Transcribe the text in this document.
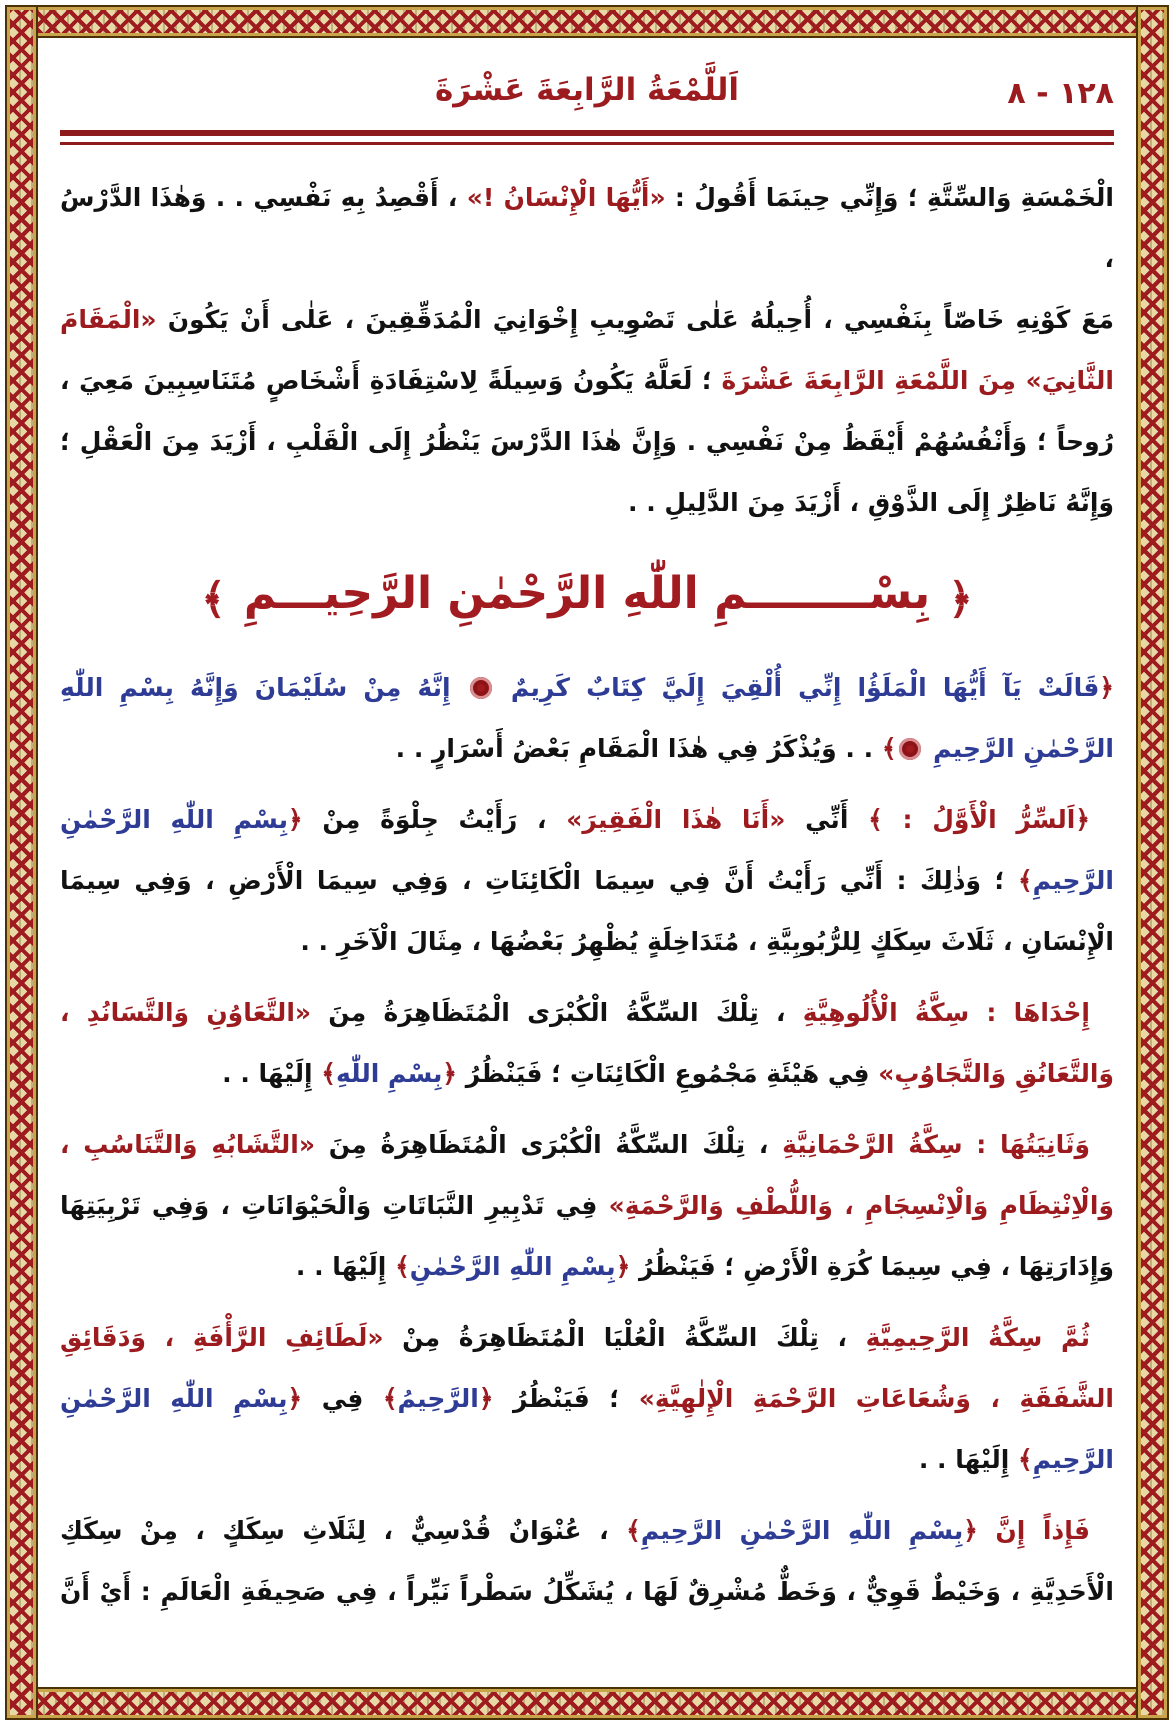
١٢٨ - ٨
اَللَّمْعَةُ الرَّابِعَةَ عَشْرَةَ
الْخَمْسَةِ وَالسِّتَّةِ ؛ وَإِنِّي حِينَمَا أَقُولُ : «أَيُّهَا الْإِنْسَانُ !» ، أَقْصِدُ بِهِ نَفْسِي . . وَهٰذَا الدَّرْسُ ،
مَعَ كَوْنِهِ خَاصّاً بِنَفْسِي ، أُحِيلُهُ عَلٰى تَصْوِيبِ إِخْوَانِيَ الْمُدَقِّقِينَ ، عَلٰى أَنْ يَكُونَ «الْمَقَامَ
الثَّانِيَ» مِنَ اللَّمْعَةِ الرَّابِعَةَ عَشْرَةَ ؛ لَعَلَّهُ يَكُونُ وَسِيلَةً لِاسْتِفَادَةِ أَشْخَاصٍ مُتَنَاسِبِينَ مَعِيَ ،
رُوحاً ؛ وَأَنْفُسُهُمْ أَيْقَظُ مِنْ نَفْسِي . وَإِنَّ هٰذَا الدَّرْسَ يَنْظُرُ إِلَى الْقَلْبِ ، أَزْيَدَ مِنَ الْعَقْلِ ؛
وَإِنَّهُ نَاظِرٌ إِلَى الذَّوْقِ ، أَزْيَدَ مِنَ الدَّلِيلِ . .
﴿بِسْــــــــمِ اللّٰهِ الرَّحْمٰنِ الرَّحِيـــمِ﴾
﴿قَالَتْ يَآ أَيُّهَا الْمَلَؤُا إِنِّي أُلْقِيَ إِلَيَّ كِتَابٌ كَرِيمٌ  إِنَّهُ مِنْ سُلَيْمَانَ وَإِنَّهُ بِسْمِ اللّٰهِ
الرَّحْمٰنِ الرَّحِيمِ ﴾ . . وَيُذْكَرُ فِي هٰذَا الْمَقَامِ بَعْضُ أَسْرَارٍ . .
﴿اَلسِّرُّ الْأَوَّلُ : ﴾ أَنِّي «أَنَا هٰذَا الْفَقِيرَ» ، رَأَيْتُ جِلْوَةً مِنْ ﴿بِسْمِ اللّٰهِ الرَّحْمٰنِ
الرَّحِيمِ﴾ ؛ وَذٰلِكَ : أَنِّي رَأَيْتُ أَنَّ فِي سِيمَا الْكَائِنَاتِ ، وَفِي سِيمَا الْأَرْضِ ، وَفِي سِيمَا
الْإِنْسَانِ ، ثَلَاثَ سِكَكٍ لِلرُّبُوبِيَّةِ ، مُتَدَاخِلَةٍ يُظْهِرُ بَعْضُهَا ، مِثَالَ الْآخَرِ . .
إِحْدَاهَا : سِكَّةُ الْأُلُوهِيَّةِ ، تِلْكَ السِّكَّةُ الْكُبْرَى الْمُتَظَاهِرَةُ مِنَ «التَّعَاوُنِ وَالتَّسَانُدِ ،
وَالتَّعَانُقِ وَالتَّجَاوُبِ» فِي هَيْئَةِ مَجْمُوعِ الْكَائِنَاتِ ؛ فَيَنْظُرُ ﴿بِسْمِ اللّٰهِ﴾ إِلَيْهَا . .
وَثَانِيَتُهَا : سِكَّةُ الرَّحْمَانِيَّةِ ، تِلْكَ السِّكَّةُ الْكُبْرَى الْمُتَظَاهِرَةُ مِنَ «التَّشَابُهِ وَالتَّنَاسُبِ ،
وَالْاِنْتِظَامِ وَالْاِنْسِجَامِ ، وَاللُّطْفِ وَالرَّحْمَةِ» فِي تَدْبِيرِ النَّبَاتَاتِ وَالْحَيْوَانَاتِ ، وَفِي تَرْبِيَتِهَا
وَإِدَارَتِهَا ، فِي سِيمَا كُرَةِ الْأَرْضِ ؛ فَيَنْظُرُ ﴿بِسْمِ اللّٰهِ الرَّحْمٰنِ﴾ إِلَيْهَا . .
ثُمَّ سِكَّةُ الرَّحِيمِيَّةِ ، تِلْكَ السِّكَّةُ الْعُلْيَا الْمُتَظَاهِرَةُ مِنْ «لَطَائِفِ الرَّأْفَةِ ، وَدَقَائِقِ
الشَّفَقَةِ ، وَشُعَاعَاتِ الرَّحْمَةِ الْإِلٰهِيَّةِ» ؛ فَيَنْظُرُ ﴿الرَّحِيمُ﴾ فِي ﴿بِسْمِ اللّٰهِ الرَّحْمٰنِ
الرَّحِيمِ﴾ إِلَيْهَا . .
فَإِذاً إِنَّ ﴿بِسْمِ اللّٰهِ الرَّحْمٰنِ الرَّحِيمِ﴾ ، عُنْوَانٌ قُدْسِيٌّ ، لِثَلَاثِ سِكَكٍ ، مِنْ سِكَكِ
الْأَحَدِيَّةِ ، وَخَيْطٌ قَوِيٌّ ، وَخَطٌّ مُشْرِقٌ لَهَا ، يُشَكِّلُ سَطْراً نَيِّراً ، فِي صَحِيفَةِ الْعَالَمِ : أَيْ أَنَّ
